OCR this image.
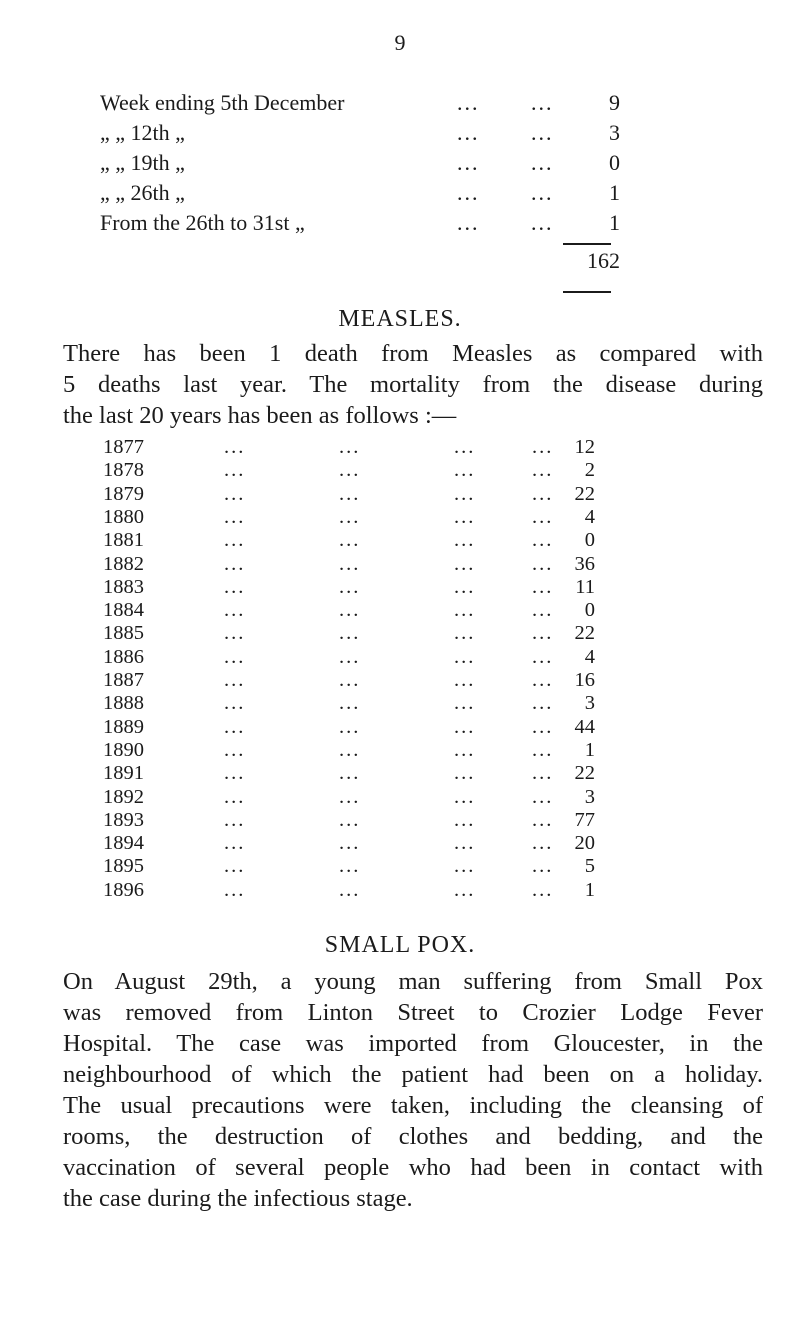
9
Week ending 5th December	... ...	9
„ „ 12th „	... ...	3
„ „ 19th „	... ...	0
„ „ 26th „	... ...	1
From the 26th to 31st „	... ...	1
162
MEASLES.
There has been 1 death from Measles as compared with
5 deaths last year. The mortality from the disease during
the last 20 years has been as follows :—
1877	...	...	...	... 12
1878	...	...	...	... 2
1879	...	...	...	... 22
1880	...	...	...	... 4
1881	...	...	...	... 0
1882	...	...	...	... 36
1883	...	...	...	... 11
1884	...	...	...	... 0
1885	...	...	...	... 22
1886	...	...	...	... 4
1887	...	...	...	... 16
1888	...	...	...	... 3
1889	...	...	...	... 44
1890	...	...	...	... 1
1891	...	...	...	... 22
1892	...	...	...	... 3
1893	...	...	...	... 77
1894	...	...	...	... 20
1895	...	...	...	... 5
1896	...	...	...	... 1
SMALL POX.
On August 29th, a young man suffering from Small Pox
was removed from Linton Street to Crozier Lodge Fever
Hospital. The case was imported from Gloucester, in the
neighbourhood of which the patient had been on a holiday.
The usual precautions were taken, including the cleansing of
rooms, the destruction of clothes and bedding, and the
vaccination of several people who had been in contact with
the case during the infectious stage.
